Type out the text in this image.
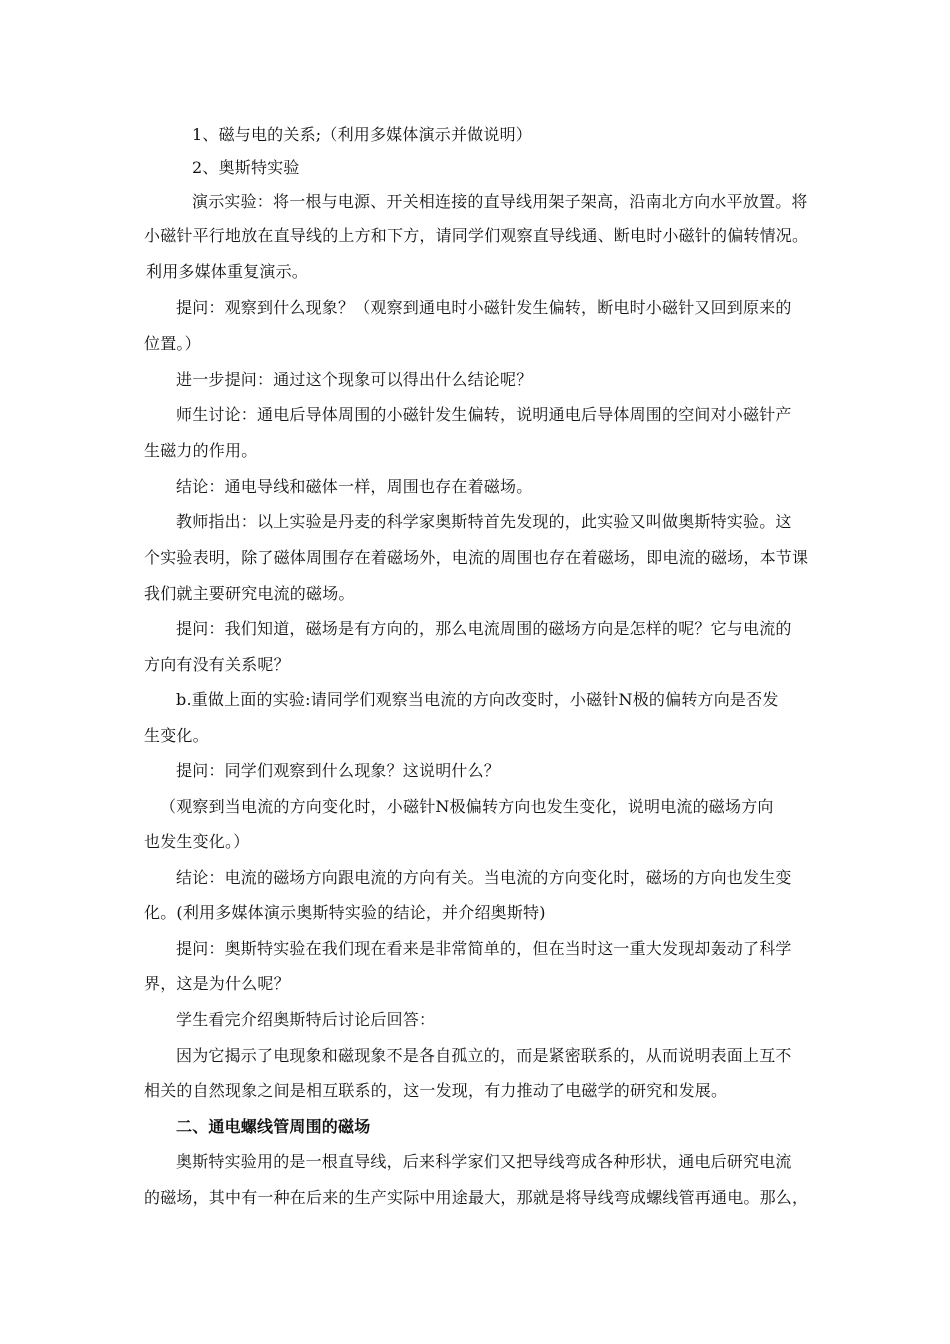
1、磁与电的关系;（利用多媒体演示并做说明）
2、奥斯特实验
演示实验：将一根与电源、开关相连接的直导线用架子架高，沿南北方向水平放置。将
小磁针平行地放在直导线的上方和下方，请同学们观察直导线通、断电时小磁针的偏转情况。
利用多媒体重复演示。
提问：观察到什么现象？（观察到通电时小磁针发生偏转，断电时小磁针又回到原来的
位置。）
进一步提问：通过这个现象可以得出什么结论呢？
师生讨论：通电后导体周围的小磁针发生偏转，说明通电后导体周围的空间对小磁针产
生磁力的作用。
结论：通电导线和磁体一样，周围也存在着磁场。
教师指出：以上实验是丹麦的科学家奥斯特首先发现的，此实验又叫做奥斯特实验。这
个实验表明，除了磁体周围存在着磁场外，电流的周围也存在着磁场，即电流的磁场，本节课
我们就主要研究电流的磁场。
提问：我们知道，磁场是有方向的，那么电流周围的磁场方向是怎样的呢？它与电流的
方向有没有关系呢？
b.重做上面的实验:请同学们观察当电流的方向改变时，小磁针N极的偏转方向是否发
生变化。
提问：同学们观察到什么现象？这说明什么？
（观察到当电流的方向变化时，小磁针N极偏转方向也发生变化，说明电流的磁场方向
也发生变化。）
结论：电流的磁场方向跟电流的方向有关。当电流的方向变化时，磁场的方向也发生变
化。(利用多媒体演示奥斯特实验的结论，并介绍奥斯特)
提问：奥斯特实验在我们现在看来是非常简单的，但在当时这一重大发现却轰动了科学
界，这是为什么呢？
学生看完介绍奥斯特后讨论后回答：
因为它揭示了电现象和磁现象不是各自孤立的，而是紧密联系的，从而说明表面上互不
相关的自然现象之间是相互联系的，这一发现，有力推动了电磁学的研究和发展。
二、通电螺线管周围的磁场
奥斯特实验用的是一根直导线，后来科学家们又把导线弯成各种形状，通电后研究电流
的磁场，其中有一种在后来的生产实际中用途最大，那就是将导线弯成螺线管再通电。那么，
